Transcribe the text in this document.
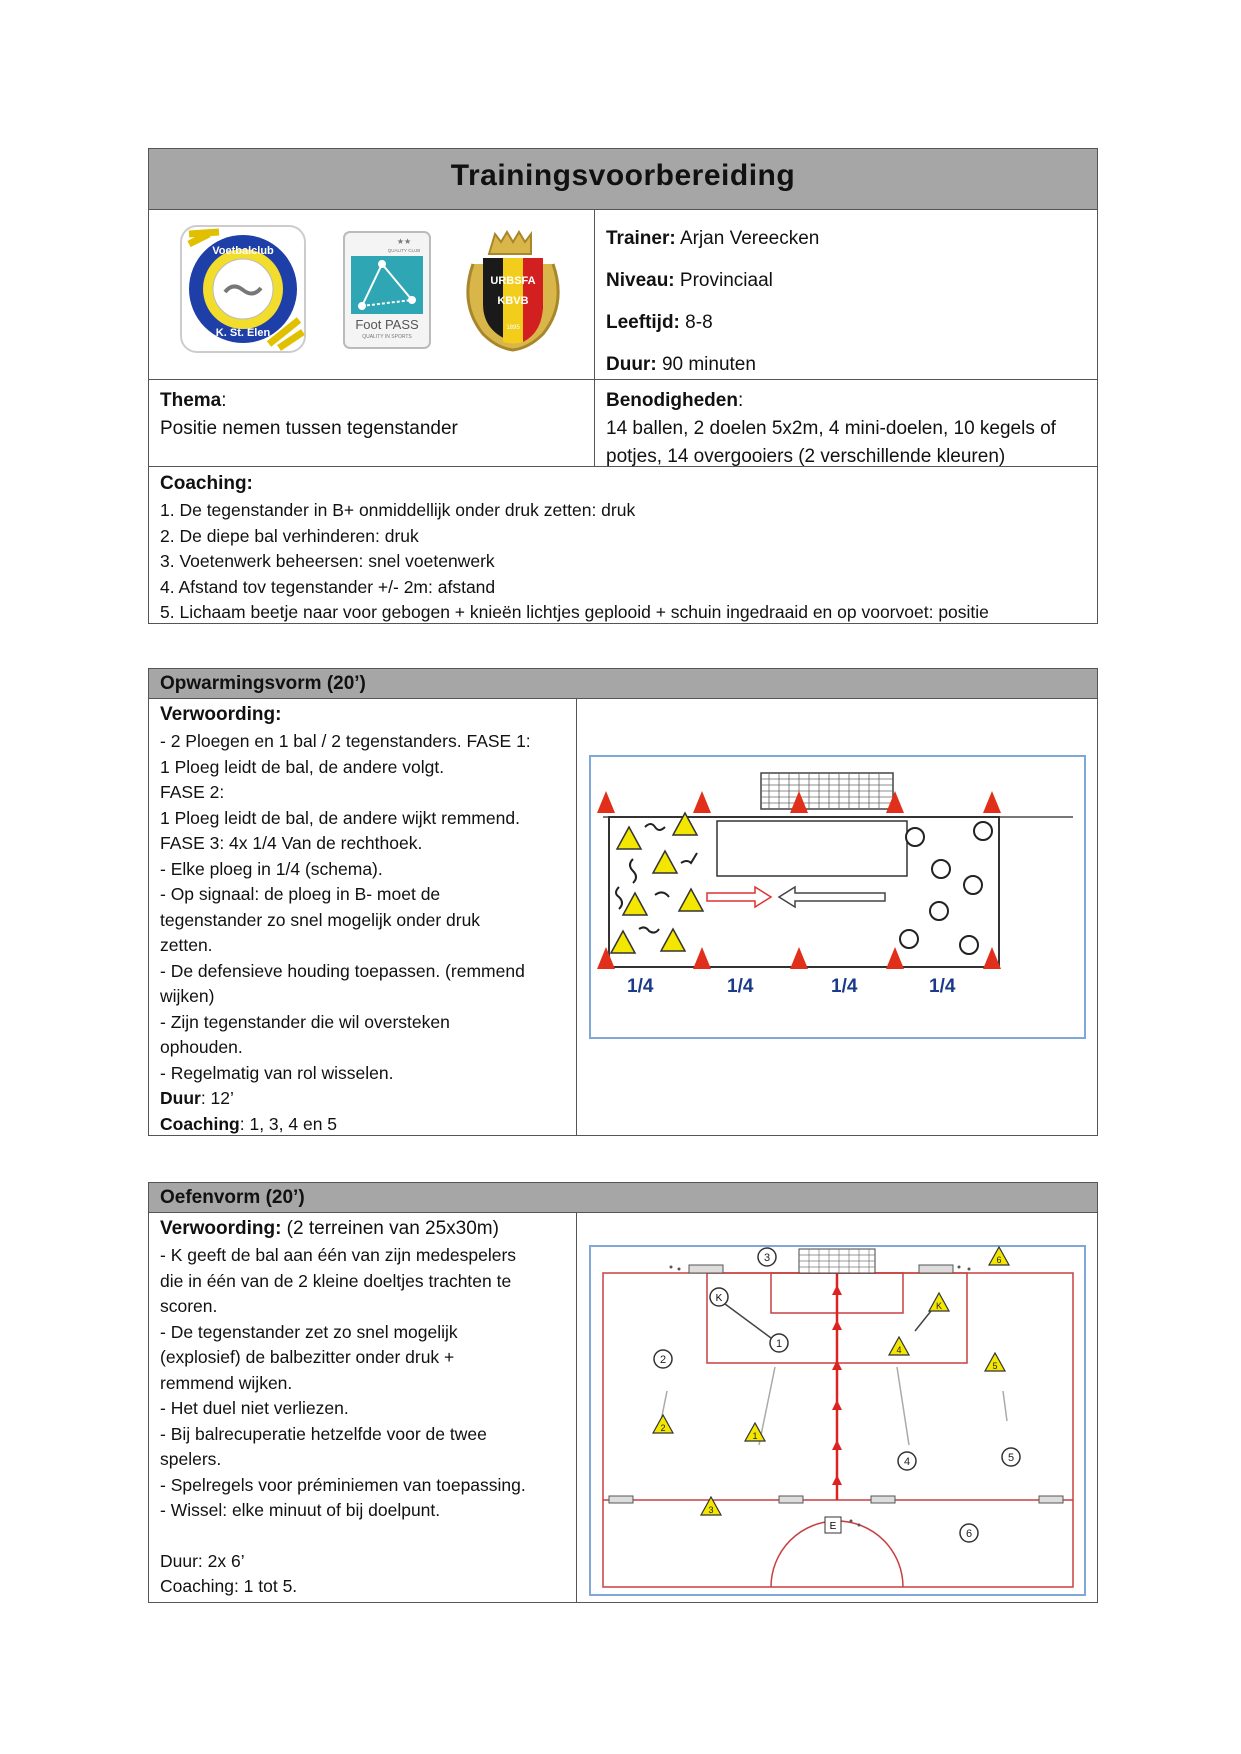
Trainingsvoorbereiding
Voetbalclub
K. St. Elen
★★
QUALITY CLUB
Foot PASS
QUALITY IN SPORTS
URBSFA
KBVB
1895
Trainer: Arjan Vereecken
Niveau: Provinciaal
Leeftijd: 8-8
Duur: 90 minuten
Thema:
Positie nemen tussen tegenstander
Benodigheden:
14 ballen, 2 doelen 5x2m, 4 mini-doelen, 10 kegels of potjes, 14 overgooiers (2 verschillende kleuren)
Coaching:
1. De tegenstander in B+ onmiddellijk onder druk zetten: druk
2. De diepe bal verhinderen: druk
3. Voetenwerk beheersen: snel voetenwerk
4. Afstand tov tegenstander +/- 2m: afstand
5. Lichaam beetje naar voor gebogen + knieën lichtjes geplooid + schuin ingedraaid en op voorvoet: positie
Opwarmingsvorm (20’)
Verwoording:
- 2 Ploegen en 1 bal / 2 tegenstanders. FASE 1:
1 Ploeg leidt de bal, de andere volgt.
FASE 2:
1 Ploeg leidt de bal, de andere wijkt remmend.
FASE 3: 4x 1/4 Van de rechthoek.
- Elke ploeg in 1/4 (schema).
- Op signaal: de ploeg in B- moet de
tegenstander zo snel mogelijk onder druk
zetten.
- De defensieve houding toepassen. (remmend
wijken)
- Zijn tegenstander die wil oversteken
ophouden.
- Regelmatig van rol wisselen.
Duur: 12’
Coaching: 1, 3, 4 en 5
1/4	1/4	1/4	1/4
Oefenvorm (20’)
Verwoording: (2 terreinen van 25x30m)
- K geeft de bal aan één van zijn medespelers
die in één van de 2 kleine doeltjes trachten te
scoren.
- De tegenstander zet zo snel mogelijk
(explosief) de balbezitter onder druk +
remmend wijken.
- Het duel niet verliezen.
- Bij balrecuperatie hetzelfde voor de twee
spelers.
- Spelregels voor préminiemen van toepassing.
- Wissel: elke minuut of bij doelpunt.
Duur: 2x 6’
Coaching: 1 tot 5.
3
2
1
4	5
6
K
6
K
4
5
2
1
3
E
